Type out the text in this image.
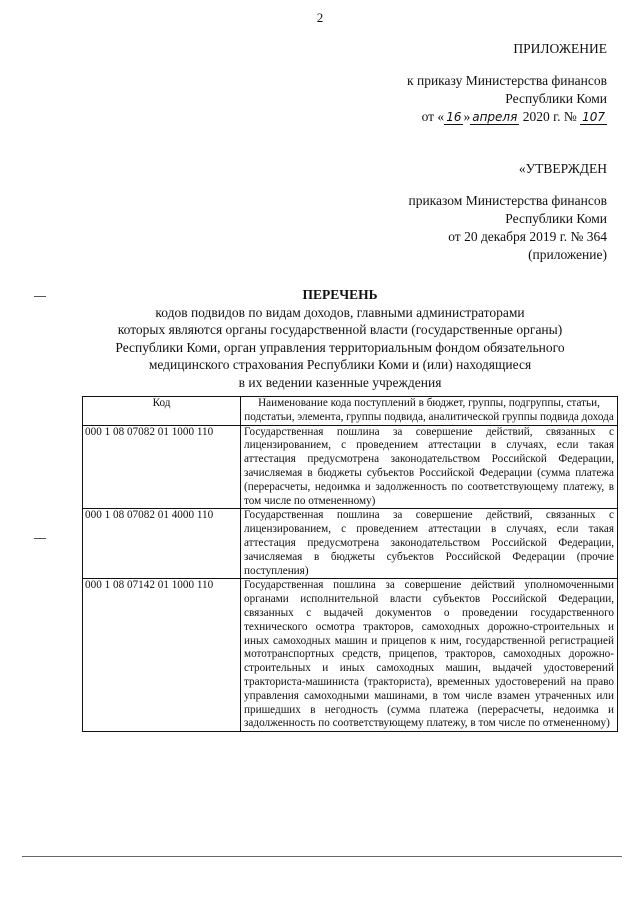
2
ПРИЛОЖЕНИЕ
к приказу Министерства финансов
Республики Коми
от « 16 » апреля 2020 г. № 107
«УТВЕРЖДЕН
приказом Министерства финансов
Республики Коми
от 20 декабря 2019 г. № 364
(приложение)
ПЕРЕЧЕНЬ
кодов подвидов по видам доходов, главными администраторами
которых являются органы государственной власти (государственные органы)
Республики Коми, орган управления территориальным фондом обязательного
медицинского страхования Республики Коми и (или) находящиеся
в их ведении казенные учреждения
Код	Наименование кода поступлений в бюджет, группы, подгруппы, статьи, подстатьи, элемента, группы подвида, аналитической группы подвида дохода
000 1 08 07082 01 1000 110	Государственная пошлина за совершение действий, связанных с лицензированием, с проведением аттестации в случаях, если такая аттестация предусмотрена законодательством Российской Федерации, зачисляемая в бюджеты субъектов Российской Федерации (сумма платежа (перерасчеты, недоимка и задолженность по соответствующему платежу, в том числе по отмененному)
000 1 08 07082 01 4000 110	Государственная пошлина за совершение действий, связанных с лицензированием, с проведением аттестации в случаях, если такая аттестация предусмотрена законодательством Российской Федерации, зачисляемая в бюджеты субъектов Российской Федерации (прочие поступления)
000 1 08 07142 01 1000 110	Государственная пошлина за совершение действий уполномоченными органами исполнительной власти субъектов Российской Федерации, связанных с выдачей документов о проведении государственного технического осмотра тракторов, самоходных дорожно-строительных и иных самоходных машин и прицепов к ним, государственной регистрацией мототранспортных средств, прицепов, тракторов, самоходных дорожно-строительных и иных самоходных машин, выдачей удостоверений тракториста-машиниста (тракториста), временных удостоверений на право управления самоходными машинами, в том числе взамен утраченных или пришедших в негодность (сумма платежа (перерасчеты, недоимка и задолженность по соответствующему платежу, в том числе по отмененному)
